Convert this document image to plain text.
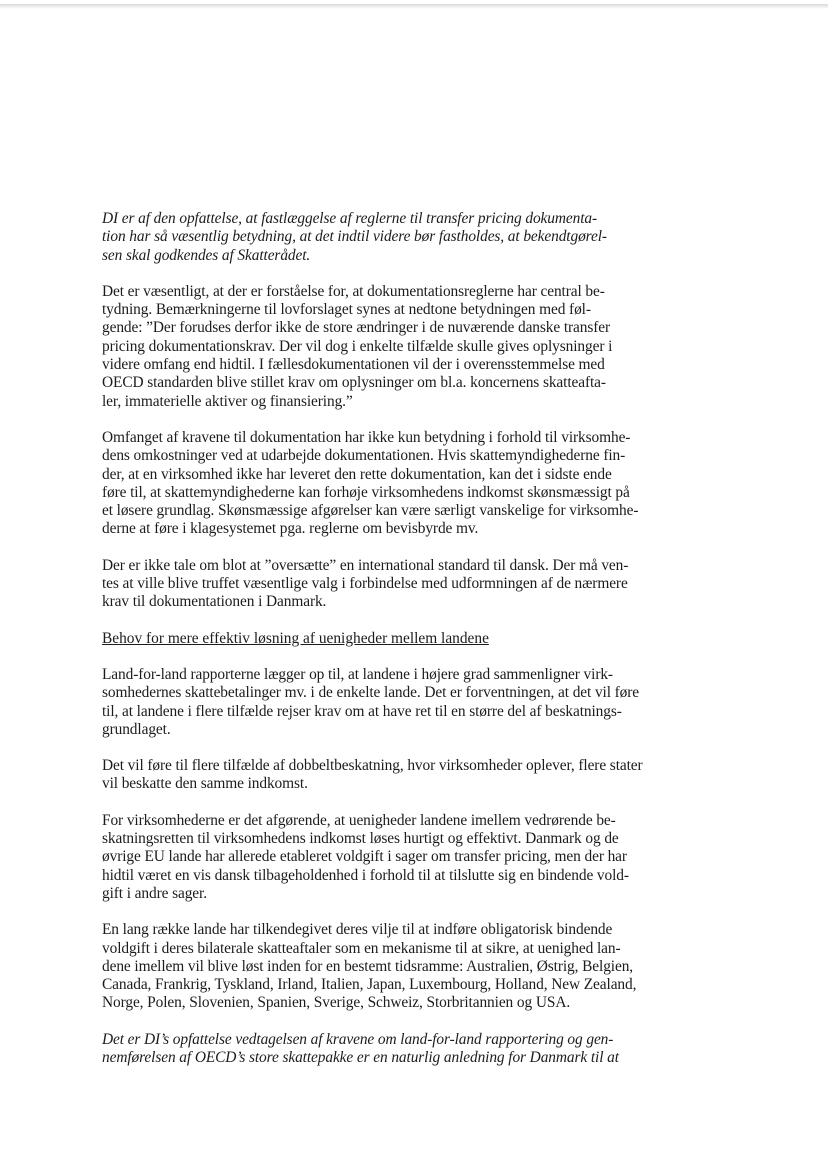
DI er af den opfattelse, at fastlæggelse af reglerne til transfer pricing dokumenta-
tion har så væsentlig betydning, at det indtil videre bør fastholdes, at bekendtgørel-
sen skal godkendes af Skatterådet.

Det er væsentligt, at der er forståelse for, at dokumentationsreglerne har central be-
tydning. Bemærkningerne til lovforslaget synes at nedtone betydningen med føl-
gende: ”Der forudses derfor ikke de store ændringer i de nuværende danske transfer
pricing dokumentationskrav. Der vil dog i enkelte tilfælde skulle gives oplysninger i
videre omfang end hidtil. I fællesdokumentationen vil der i overensstemmelse med
OECD standarden blive stillet krav om oplysninger om bl.a. koncernens skatteafta-
ler, immaterielle aktiver og finansiering.”

Omfanget af kravene til dokumentation har ikke kun betydning i forhold til virksomhe-
dens omkostninger ved at udarbejde dokumentationen. Hvis skattemyndighederne fin-
der, at en virksomhed ikke har leveret den rette dokumentation, kan det i sidste ende
føre til, at skattemyndighederne kan forhøje virksomhedens indkomst skønsmæssigt på
et løsere grundlag. Skønsmæssige afgørelser kan være særligt vanskelige for virksomhe-
derne at føre i klagesystemet pga. reglerne om bevisbyrde mv.

Der er ikke tale om blot at ”oversætte” en international standard til dansk. Der må ven-
tes at ville blive truffet væsentlige valg i forbindelse med udformningen af de nærmere
krav til dokumentationen i Danmark.

Behov for mere effektiv løsning af uenigheder mellem landene

Land-for-land rapporterne lægger op til, at landene i højere grad sammenligner virk-
somhedernes skattebetalinger mv. i de enkelte lande. Det er forventningen, at det vil føre
til, at landene i flere tilfælde rejser krav om at have ret til en større del af beskatnings-
grundlaget.

Det vil føre til flere tilfælde af dobbeltbeskatning, hvor virksomheder oplever, flere stater
vil beskatte den samme indkomst.

For virksomhederne er det afgørende, at uenigheder landene imellem vedrørende be-
skatningsretten til virksomhedens indkomst løses hurtigt og effektivt. Danmark og de
øvrige EU lande har allerede etableret voldgift i sager om transfer pricing, men der har
hidtil været en vis dansk tilbageholdenhed i forhold til at tilslutte sig en bindende vold-
gift i andre sager.

En lang række lande har tilkendegivet deres vilje til at indføre obligatorisk bindende
voldgift i deres bilaterale skatteaftaler som en mekanisme til at sikre, at uenighed lan-
dene imellem vil blive løst inden for en bestemt tidsramme: Australien, Østrig, Belgien,
Canada, Frankrig, Tyskland, Irland, Italien, Japan, Luxembourg, Holland, New Zealand,
Norge, Polen, Slovenien, Spanien, Sverige, Schweiz, Storbritannien og USA.

Det er DI’s opfattelse vedtagelsen af kravene om land-for-land rapportering og gen-
nemførelsen af OECD’s store skattepakke er en naturlig anledning for Danmark til at
